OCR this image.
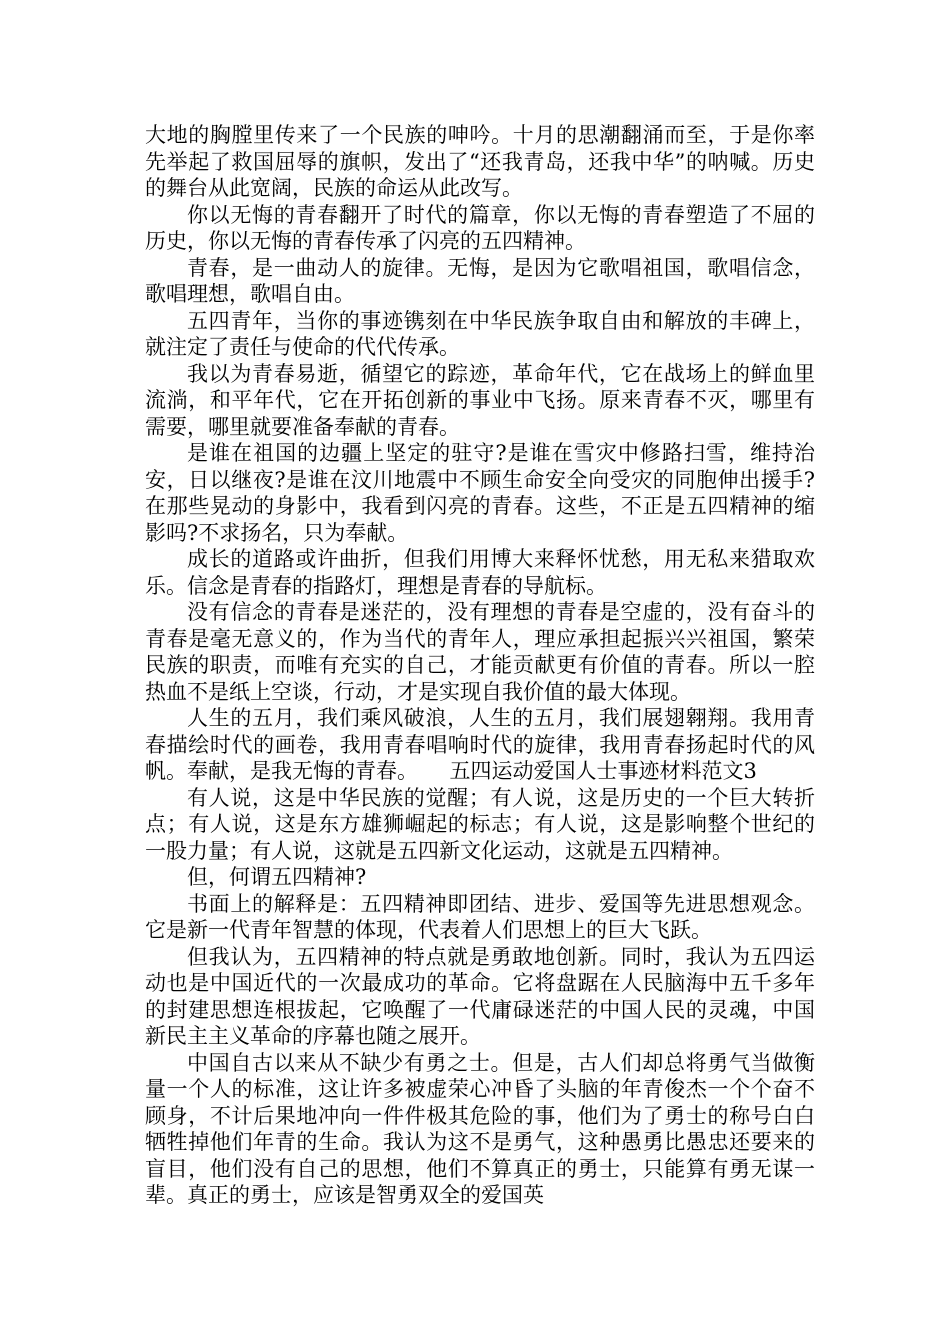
大地的胸膛里传来了一个民族的呻吟。十月的思潮翻涌而至，于是你率先举起了救国屈辱的旗帜，发出了“还我青岛，还我中华”的呐喊。历史的舞台从此宽阔，民族的命运从此改写。

你以无悔的青春翻开了时代的篇章，你以无悔的青春塑造了不屈的历史，你以无悔的青春传承了闪亮的五四精神。

青春，是一曲动人的旋律。无悔，是因为它歌唱祖国，歌唱信念，歌唱理想，歌唱自由。

五四青年，当你的事迹镌刻在中华民族争取自由和解放的丰碑上，就注定了责任与使命的代代传承。

我以为青春易逝，循望它的踪迹，革命年代，它在战场上的鲜血里流淌，和平年代，它在开拓创新的事业中飞扬。原来青春不灭，哪里有需要，哪里就要准备奉献的青春。

是谁在祖国的边疆上坚定的驻守?是谁在雪灾中修路扫雪，维持治安，日以继夜?是谁在汶川地震中不顾生命安全向受灾的同胞伸出援手?在那些晃动的身影中，我看到闪亮的青春。这些，不正是五四精神的缩影吗?不求扬名，只为奉献。

成长的道路或许曲折，但我们用博大来释怀忧愁，用无私来猎取欢乐。信念是青春的指路灯，理想是青春的导航标。

没有信念的青春是迷茫的，没有理想的青春是空虚的，没有奋斗的青春是毫无意义的，作为当代的青年人，理应承担起振兴兴祖国，繁荣民族的职责，而唯有充实的自己，才能贡献更有价值的青春。所以一腔热血不是纸上空谈，行动，才是实现自我价值的最大体现。

人生的五月，我们乘风破浪，人生的五月，我们展翅翱翔。我用青春描绘时代的画卷，我用青春唱响时代的旋律，我用青春扬起时代的风帆。奉献，是我无悔的青春。　　五四运动爱国人士事迹材料范文3

有人说，这是中华民族的觉醒；有人说，这是历史的一个巨大转折点；有人说，这是东方雄狮崛起的标志；有人说，这是影响整个世纪的一股力量；有人说，这就是五四新文化运动，这就是五四精神。

但，何谓五四精神?

书面上的解释是：五四精神即团结、进步、爱国等先进思想观念。它是新一代青年智慧的体现，代表着人们思想上的巨大飞跃。

但我认为，五四精神的特点就是勇敢地创新。同时，我认为五四运动也是中国近代的一次最成功的革命。它将盘踞在人民脑海中五千多年的封建思想连根拔起，它唤醒了一代庸碌迷茫的中国人民的灵魂，中国新民主主义革命的序幕也随之展开。

中国自古以来从不缺少有勇之士。但是，古人们却总将勇气当做衡量一个人的标准，这让许多被虚荣心冲昏了头脑的年青俊杰一个个奋不顾身，不计后果地冲向一件件极其危险的事，他们为了勇士的称号白白牺牲掉他们年青的生命。我认为这不是勇气，这种愚勇比愚忠还要来的盲目，他们没有自己的思想，他们不算真正的勇士，只能算有勇无谋一辈。真正的勇士，应该是智勇双全的爱国英
